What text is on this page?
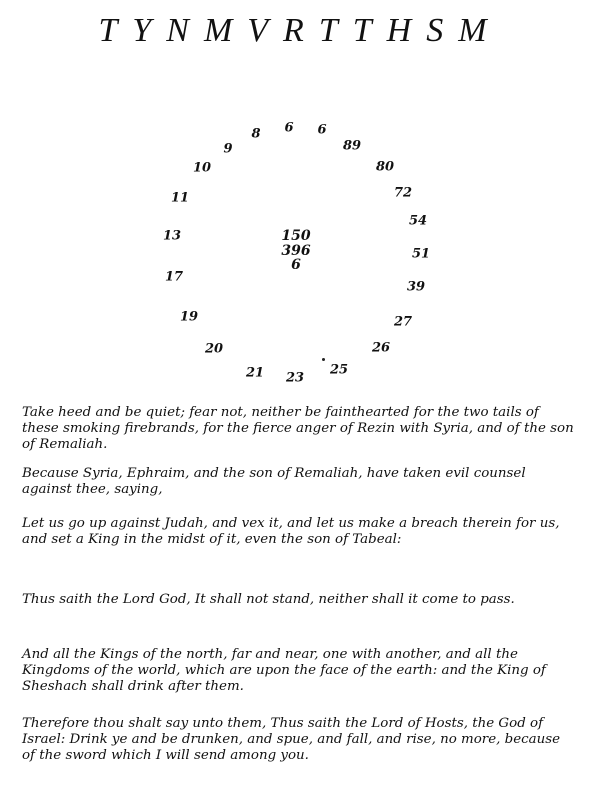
TYNMVRTTHSM
6 6
89
80
72
54
51
39
27
26
25
23
21
20
19
17
13
11
10
9
8
150
396
6

Take heed and be quiet; fear not, neither be fainthearted for the two tails of these smoking firebrands, for the fierce anger of Rezin with Syria, and of the son of Remaliah.

Because Syria, Ephraim, and the son of Remaliah, have taken evil counsel against thee, saying,

Let us go up against Judah, and vex it, and let us make a breach therein for us, and set a King in the midst of it, even the son of Tabeal:

Thus saith the Lord God, It shall not stand, neither shall it come to pass.

And all the Kings of the north, far and near, one with another, and all the Kingdoms of the world, which are upon the face of the earth: and the King of Sheshach shall drink after them.

Therefore thou shalt say unto them, Thus saith the Lord of Hosts, the God of Israel: Drink ye and be drunken, and spue, and fall, and rise, no more, because of the sword which I will send among you.
